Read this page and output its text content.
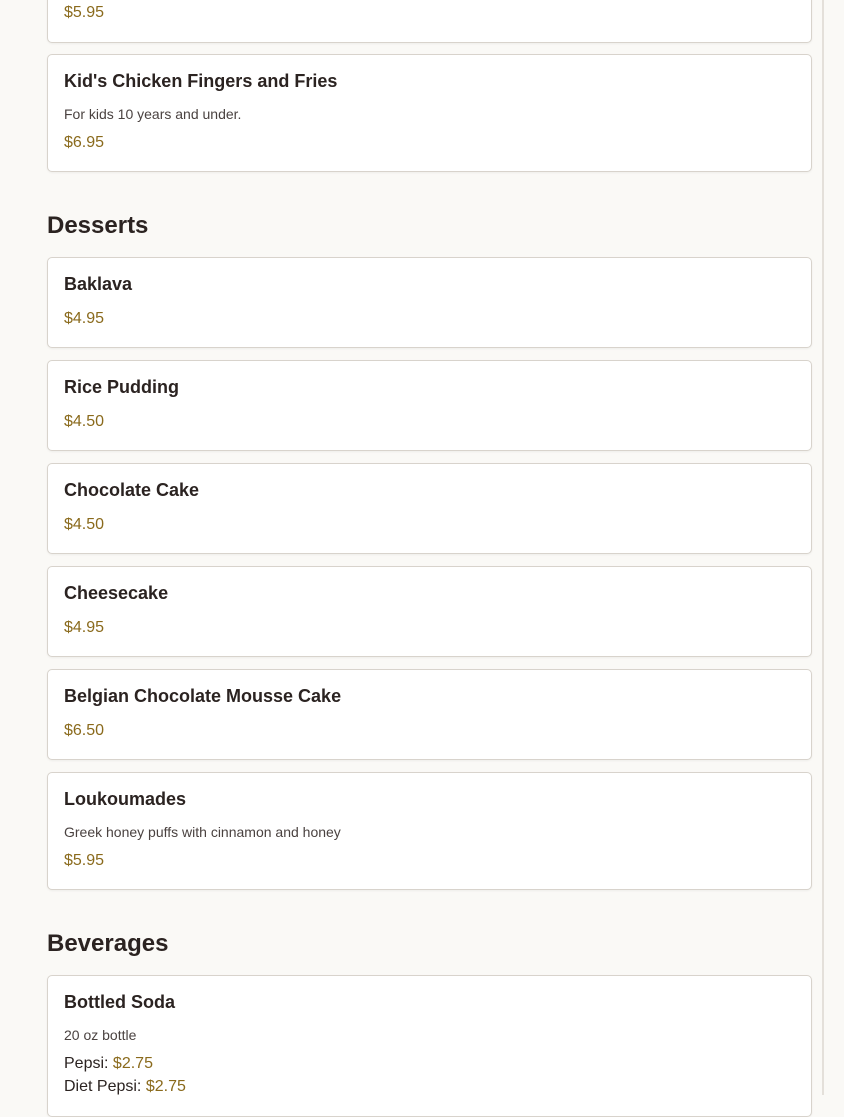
$5.95
Kid's Chicken Fingers and Fries
For kids 10 years and under.
$6.95
Desserts
Baklava
$4.95
Rice Pudding
$4.50
Chocolate Cake
$4.50
Cheesecake
$4.95
Belgian Chocolate Mousse Cake
$6.50
Loukoumades
Greek honey puffs with cinnamon and honey
$5.95
Beverages
Bottled Soda
20 oz bottle
Pepsi: $2.75
Diet Pepsi: $2.75
